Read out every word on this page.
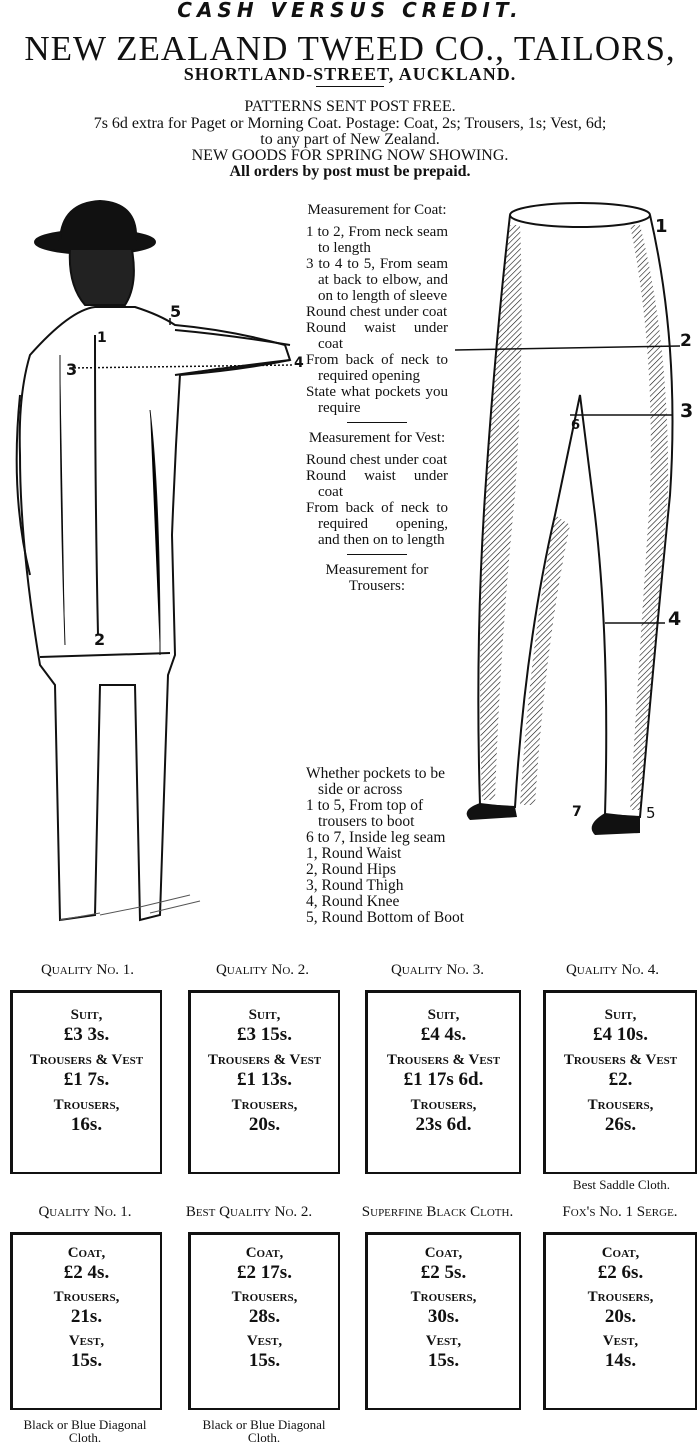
CASH VERSUS CREDIT.
NEW ZEALAND TWEED CO., TAILORS,
SHORTLAND-STREET, AUCKLAND.
PATTERNS SENT POST FREE.
7s 6d extra for Paget or Morning Coat. Postage: Coat, 2s; Trousers, 1s; Vest, 6d;
to any part of New Zealand.
NEW GOODS FOR SPRING NOW SHOWING.
All orders by post must be prepaid.
1
2
3	4
5
Measurement for Coat:
1 to 2, From neck seam to length
3 to 4 to 5, From seam at back to elbow, and on to length of sleeve
Round chest under coat
Round waist under coat
From back of neck to required opening
State what pockets you require
Measurement for Vest:
Round chest under coat
Round waist under coat
From back of neck to required opening, and then on to length
Measurement for Trousers:
Whether pockets to be side or across
1 to 5, From top of trousers to boot
6 to 7, Inside leg seam
1, Round Waist
2, Round Hips
3, Round Thigh
4, Round Knee
5, Round Bottom of Boot
1
2
3
4
5
6
7
Quality No. 1.	Quality No. 2.	Quality No. 3.	Quality No. 4.
Suit,
£3 3s.
Trousers & Vest
£1 7s.
Trousers,
16s.
Suit,
£3 15s.
Trousers & Vest
£1 13s.
Trousers,
20s.
Suit,
£4 4s.
Trousers & Vest
£1 17s 6d.
Trousers,
23s 6d.
Suit,
£4 10s.
Trousers & Vest
£2.
Trousers,
26s.
Best Saddle Cloth.
Quality No. 1.	Best Quality No. 2.	Superfine Black Cloth.	Fox's No. 1 Serge.
Coat,
£2 4s.
Trousers,
21s.
Vest,
15s.
Coat,
£2 17s.
Trousers,
28s.
Vest,
15s.
Coat,
£2 5s.
Trousers,
30s.
Vest,
15s.
Coat,
£2 6s.
Trousers,
20s.
Vest,
14s.
Black or Blue Diagonal Cloth.
Black or Blue Diagonal Cloth.
